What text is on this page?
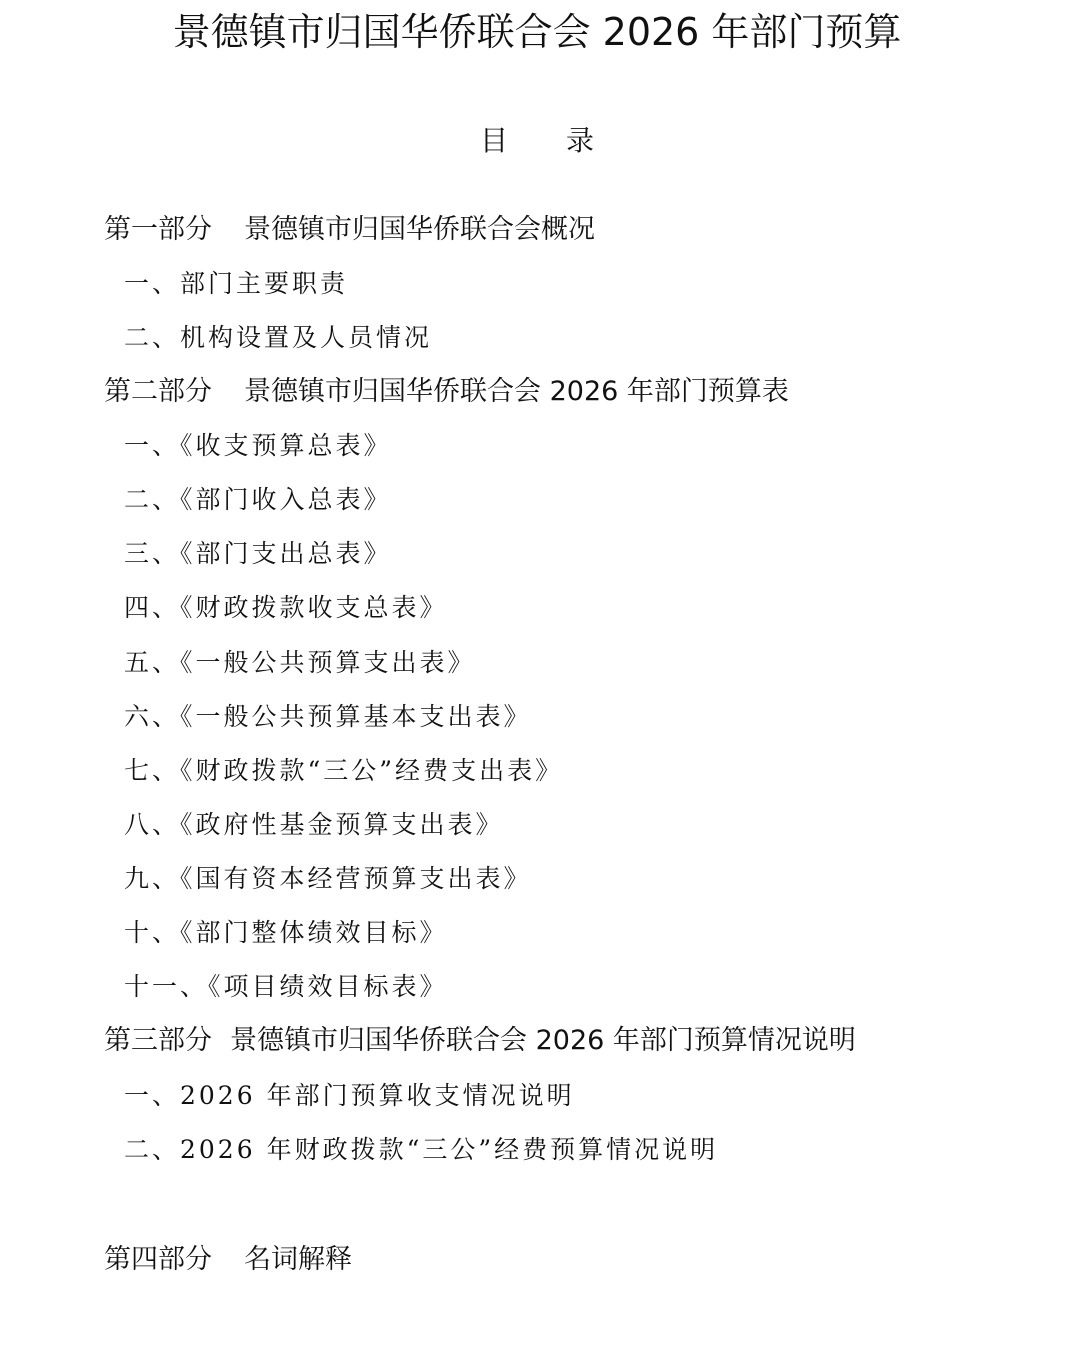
景德镇市归国华侨联合会 2026 年部门预算
目 录
第一部分 景德镇市归国华侨联合会概况
一、部门主要职责
二、机构设置及人员情况
第二部分 景德镇市归国华侨联合会 2026 年部门预算表
一、《收支预算总表》
二、《部门收入总表》
三、《部门支出总表》
四、《财政拨款收支总表》
五、《一般公共预算支出表》
六、《一般公共预算基本支出表》
七、《财政拨款“三公”经费支出表》
八、《政府性基金预算支出表》
九、《国有资本经营预算支出表》
十、《部门整体绩效目标》
十一、《项目绩效目标表》
第三部分 景德镇市归国华侨联合会 2026 年部门预算情况说明
一、2026 年部门预算收支情况说明
二、2026 年财政拨款“三公”经费预算情况说明
第四部分 名词解释
